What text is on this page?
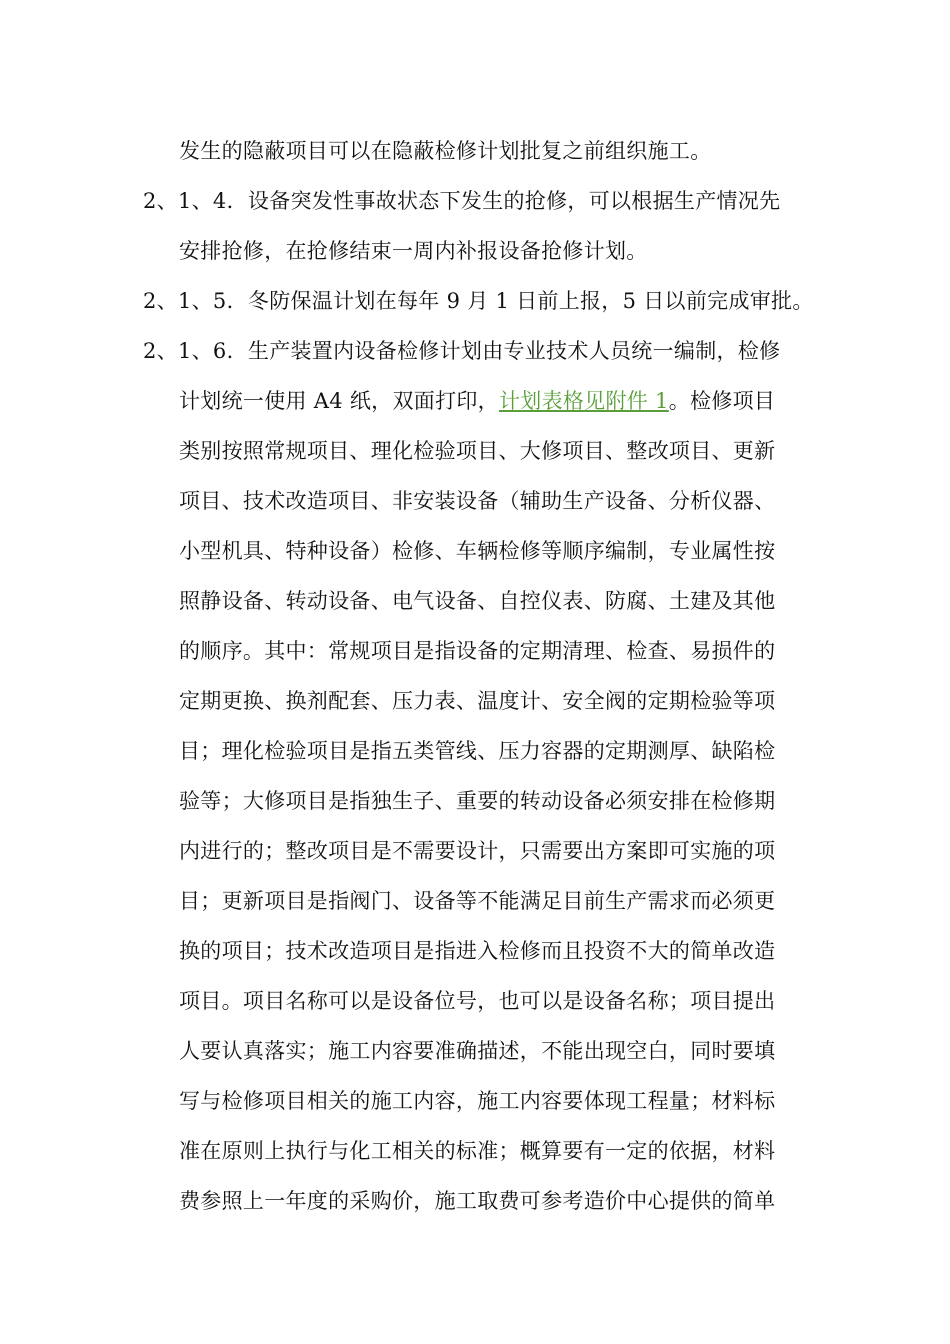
发生的隐蔽项目可以在隐蔽检修计划批复之前组织施工。
2、1、4．设备突发性事故状态下发生的抢修，可以根据生产情况先
安排抢修，在抢修结束一周内补报设备抢修计划。
2、1、5．冬防保温计划在每年 9 月 1 日前上报，5 日以前完成审批。
2、1、6．生产装置内设备检修计划由专业技术人员统一编制，检修
计划统一使用 A4 纸，双面打印，计划表格见附件 1。检修项目
类别按照常规项目、理化检验项目、大修项目、整改项目、更新
项目、技术改造项目、非安装设备（辅助生产设备、分析仪器、
小型机具、特种设备）检修、车辆检修等顺序编制，专业属性按
照静设备、转动设备、电气设备、自控仪表、防腐、土建及其他
的顺序。其中：常规项目是指设备的定期清理、检查、易损件的
定期更换、换剂配套、压力表、温度计、安全阀的定期检验等项
目；理化检验项目是指五类管线、压力容器的定期测厚、缺陷检
验等；大修项目是指独生子、重要的转动设备必须安排在检修期
内进行的；整改项目是不需要设计，只需要出方案即可实施的项
目；更新项目是指阀门、设备等不能满足目前生产需求而必须更
换的项目；技术改造项目是指进入检修而且投资不大的简单改造
项目。项目名称可以是设备位号，也可以是设备名称；项目提出
人要认真落实；施工内容要准确描述，不能出现空白，同时要填
写与检修项目相关的施工内容，施工内容要体现工程量；材料标
准在原则上执行与化工相关的标准；概算要有一定的依据，材料
费参照上一年度的采购价，施工取费可参考造价中心提供的简单
